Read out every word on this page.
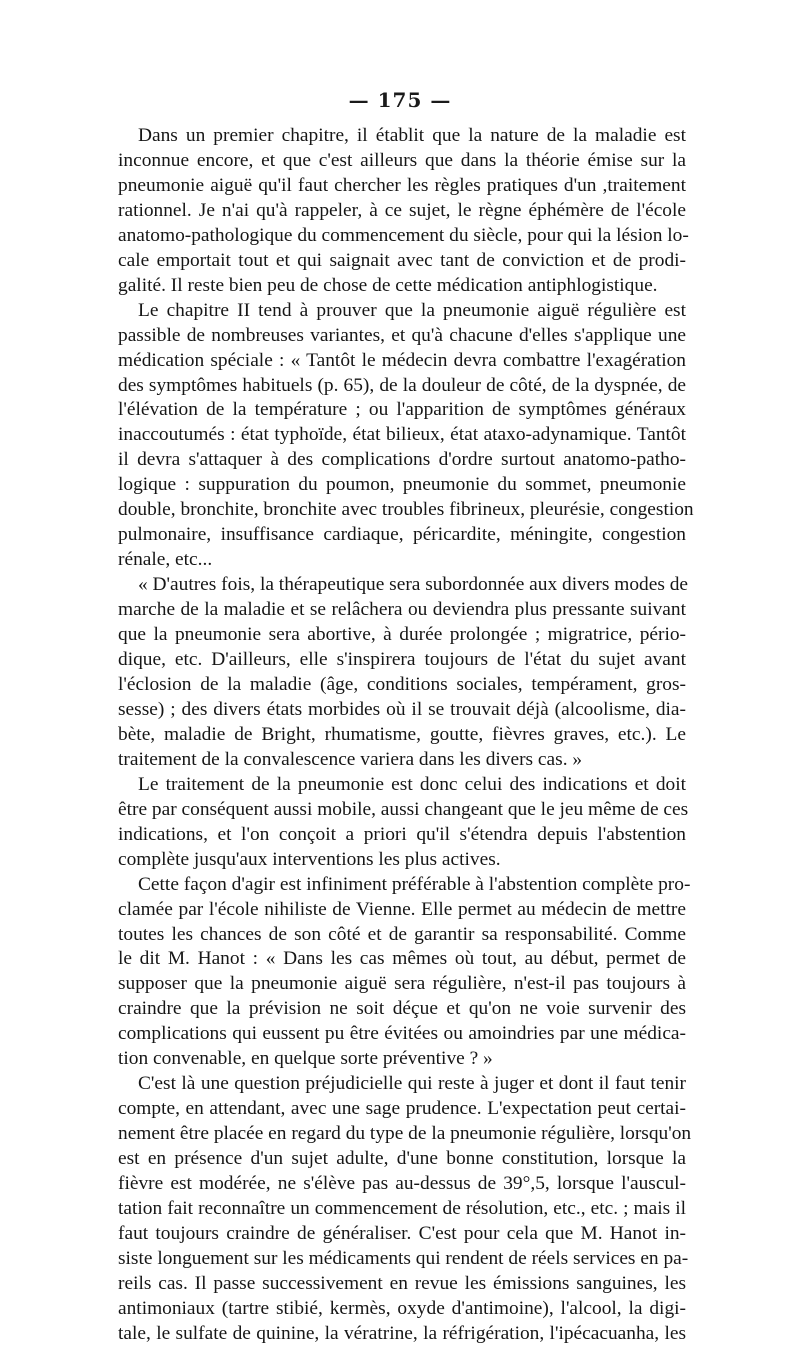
— 175 —
Dans un premier chapitre, il établit que la nature de la maladie est
inconnue encore, et que c'est ailleurs que dans la théorie émise sur la
pneumonie aiguë qu'il faut chercher les règles pratiques d'un ,traitement
rationnel. Je n'ai qu'à rappeler, à ce sujet, le règne éphémère de l'école
anatomo-pathologique du commencement du siècle, pour qui la lésion lo-
cale emportait tout et qui saignait avec tant de conviction et de prodi-
galité. Il reste bien peu de chose de cette médication antiphlogistique.
Le chapitre II tend à prouver que la pneumonie aiguë régulière est
passible de nombreuses variantes, et qu'à chacune d'elles s'applique une
médication spéciale : « Tantôt le médecin devra combattre l'exagération
des symptômes habituels (p. 65), de la douleur de côté, de la dyspnée, de
l'élévation de la température ; ou l'apparition de symptômes généraux
inaccoutumés : état typhoïde, état bilieux, état ataxo-adynamique. Tantôt
il devra s'attaquer à des complications d'ordre surtout anatomo-patho-
logique : suppuration du poumon, pneumonie du sommet, pneumonie
double, bronchite, bronchite avec troubles fibrineux, pleurésie, congestion
pulmonaire, insuffisance cardiaque, péricardite, méningite, congestion
rénale, etc...
« D'autres fois, la thérapeutique sera subordonnée aux divers modes de
marche de la maladie et se relâchera ou deviendra plus pressante suivant
que la pneumonie sera abortive, à durée prolongée ; migratrice, pério-
dique, etc. D'ailleurs, elle s'inspirera toujours de l'état du sujet avant
l'éclosion de la maladie (âge, conditions sociales, tempérament, gros-
sesse) ; des divers états morbides où il se trouvait déjà (alcoolisme, dia-
bète, maladie de Bright, rhumatisme, goutte, fièvres graves, etc.). Le
traitement de la convalescence variera dans les divers cas. »
Le traitement de la pneumonie est donc celui des indications et doit
être par conséquent aussi mobile, aussi changeant que le jeu même de ces
indications, et l'on conçoit a priori qu'il s'étendra depuis l'abstention
complète jusqu'aux interventions les plus actives.
Cette façon d'agir est infiniment préférable à l'abstention complète pro-
clamée par l'école nihiliste de Vienne. Elle permet au médecin de mettre
toutes les chances de son côté et de garantir sa responsabilité. Comme
le dit M. Hanot : « Dans les cas mêmes où tout, au début, permet de
supposer que la pneumonie aiguë sera régulière, n'est-il pas toujours à
craindre que la prévision ne soit déçue et qu'on ne voie survenir des
complications qui eussent pu être évitées ou amoindries par une médica-
tion convenable, en quelque sorte préventive ? »
C'est là une question préjudicielle qui reste à juger et dont il faut tenir
compte, en attendant, avec une sage prudence. L'expectation peut certai-
nement être placée en regard du type de la pneumonie régulière, lorsqu'on
est en présence d'un sujet adulte, d'une bonne constitution, lorsque la
fièvre est modérée, ne s'élève pas au-dessus de 39°,5, lorsque l'auscul-
tation fait reconnaître un commencement de résolution, etc., etc. ; mais il
faut toujours craindre de généraliser. C'est pour cela que M. Hanot in-
siste longuement sur les médicaments qui rendent de réels services en pa-
reils cas. Il passe successivement en revue les émissions sanguines, les
antimoniaux (tartre stibié, kermès, oxyde d'antimoine), l'alcool, la digi-
tale, le sulfate de quinine, la vératrine, la réfrigération, l'ipécacuanha, les
